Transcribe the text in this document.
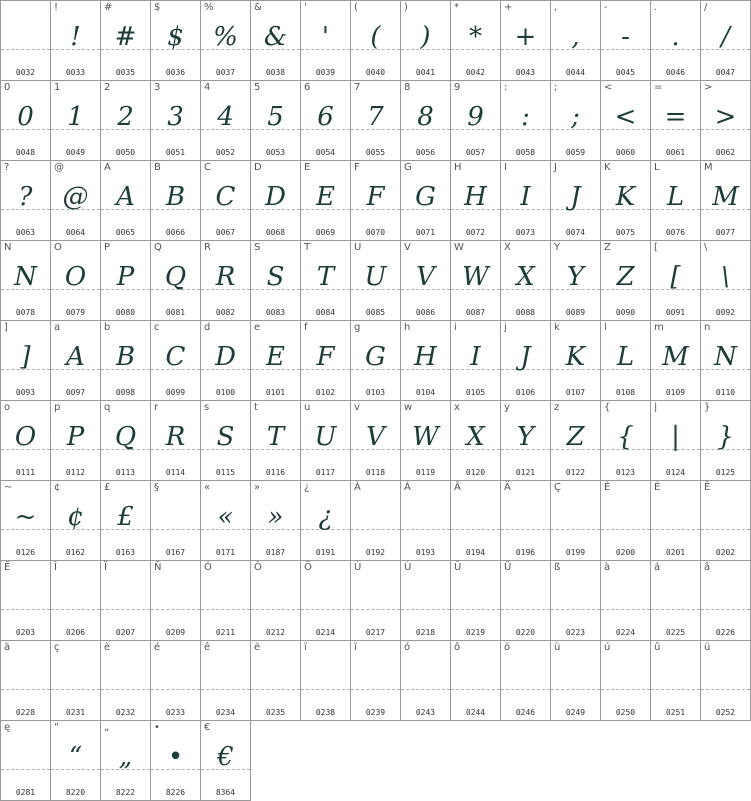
0032
!
!
0033
#
#
0035
$
$
0036
%
%
0037
&
&
0038
'
'
0039
(
(
0040
)
)
0041
*
*
0042
+
+
0043
,
,
0044
-
-
0045
.
.
0046
/
/
0047
0
0
0048
1
1
0049
2
2
0050
3
3
0051
4
4
0052
5
5
0053
6
6
0054
7
7
0055
8
8
0056
9
9
0057
:
:
0058
;
;
0059
<
<
0060
=
=
0061
>
>
0062
?
?
0063
@
@
0064
A
A
0065
B
B
0066
C
C
0067
D
D
0068
E
E
0069
F
F
0070
G
G
0071
H
H
0072
I
I
0073
J
J
0074
K
K
0075
L
L
0076
M
M
0077
N
N
0078
O
O
0079
P
P
0080
Q
Q
0081
R
R
0082
S
S
0083
T
T
0084
U
U
0085
V
V
0086
W
W
0087
X
X
0088
Y
Y
0089
Z
Z
0090
[
[
0091
\
\
0092
]
]
0093
a
A
0097
b
B
0098
c
C
0099
d
D
0100
e
E
0101
f
F
0102
g
G
0103
h
H
0104
i
I
0105
j
J
0106
k
K
0107
l
L
0108
m
M
0109
n
N
0110
o
O
0111
p
P
0112
q
Q
0113
r
R
0114
s
S
0115
t
T
0116
u
U
0117
v
V
0118
w
W
0119
x
X
0120
y
Y
0121
z
Z
0122
{
{
0123
|
|
0124
}
}
0125
~
~
0126
¢
¢
0162
£
£
0163
§
0167
«
«
0171
»
»
0187
¿
¿
0191
À
0192
Á
0193
Â
0194
Ä
0196
Ç
0199
È
0200
É
0201
Ê
0202
Ë
0203
Î
0206
Ï
0207
Ñ
0209
Ó
0211
Ô
0212
Ö
0214
Ù
0217
Ú
0218
Û
0219
Ü
0220
ß
0223
à
0224
á
0225
â
0226
ä
0228
ç
0231
è
0232
é
0233
ê
0234
ë
0235
ï
0238
ï
0239
ó
0243
ô
0244
ö
0246
ù
0249
ú
0250
û
0251
ü
0252
ę
0281
“
“
8220
„
„
8222
•
•
8226
€
€
8364
